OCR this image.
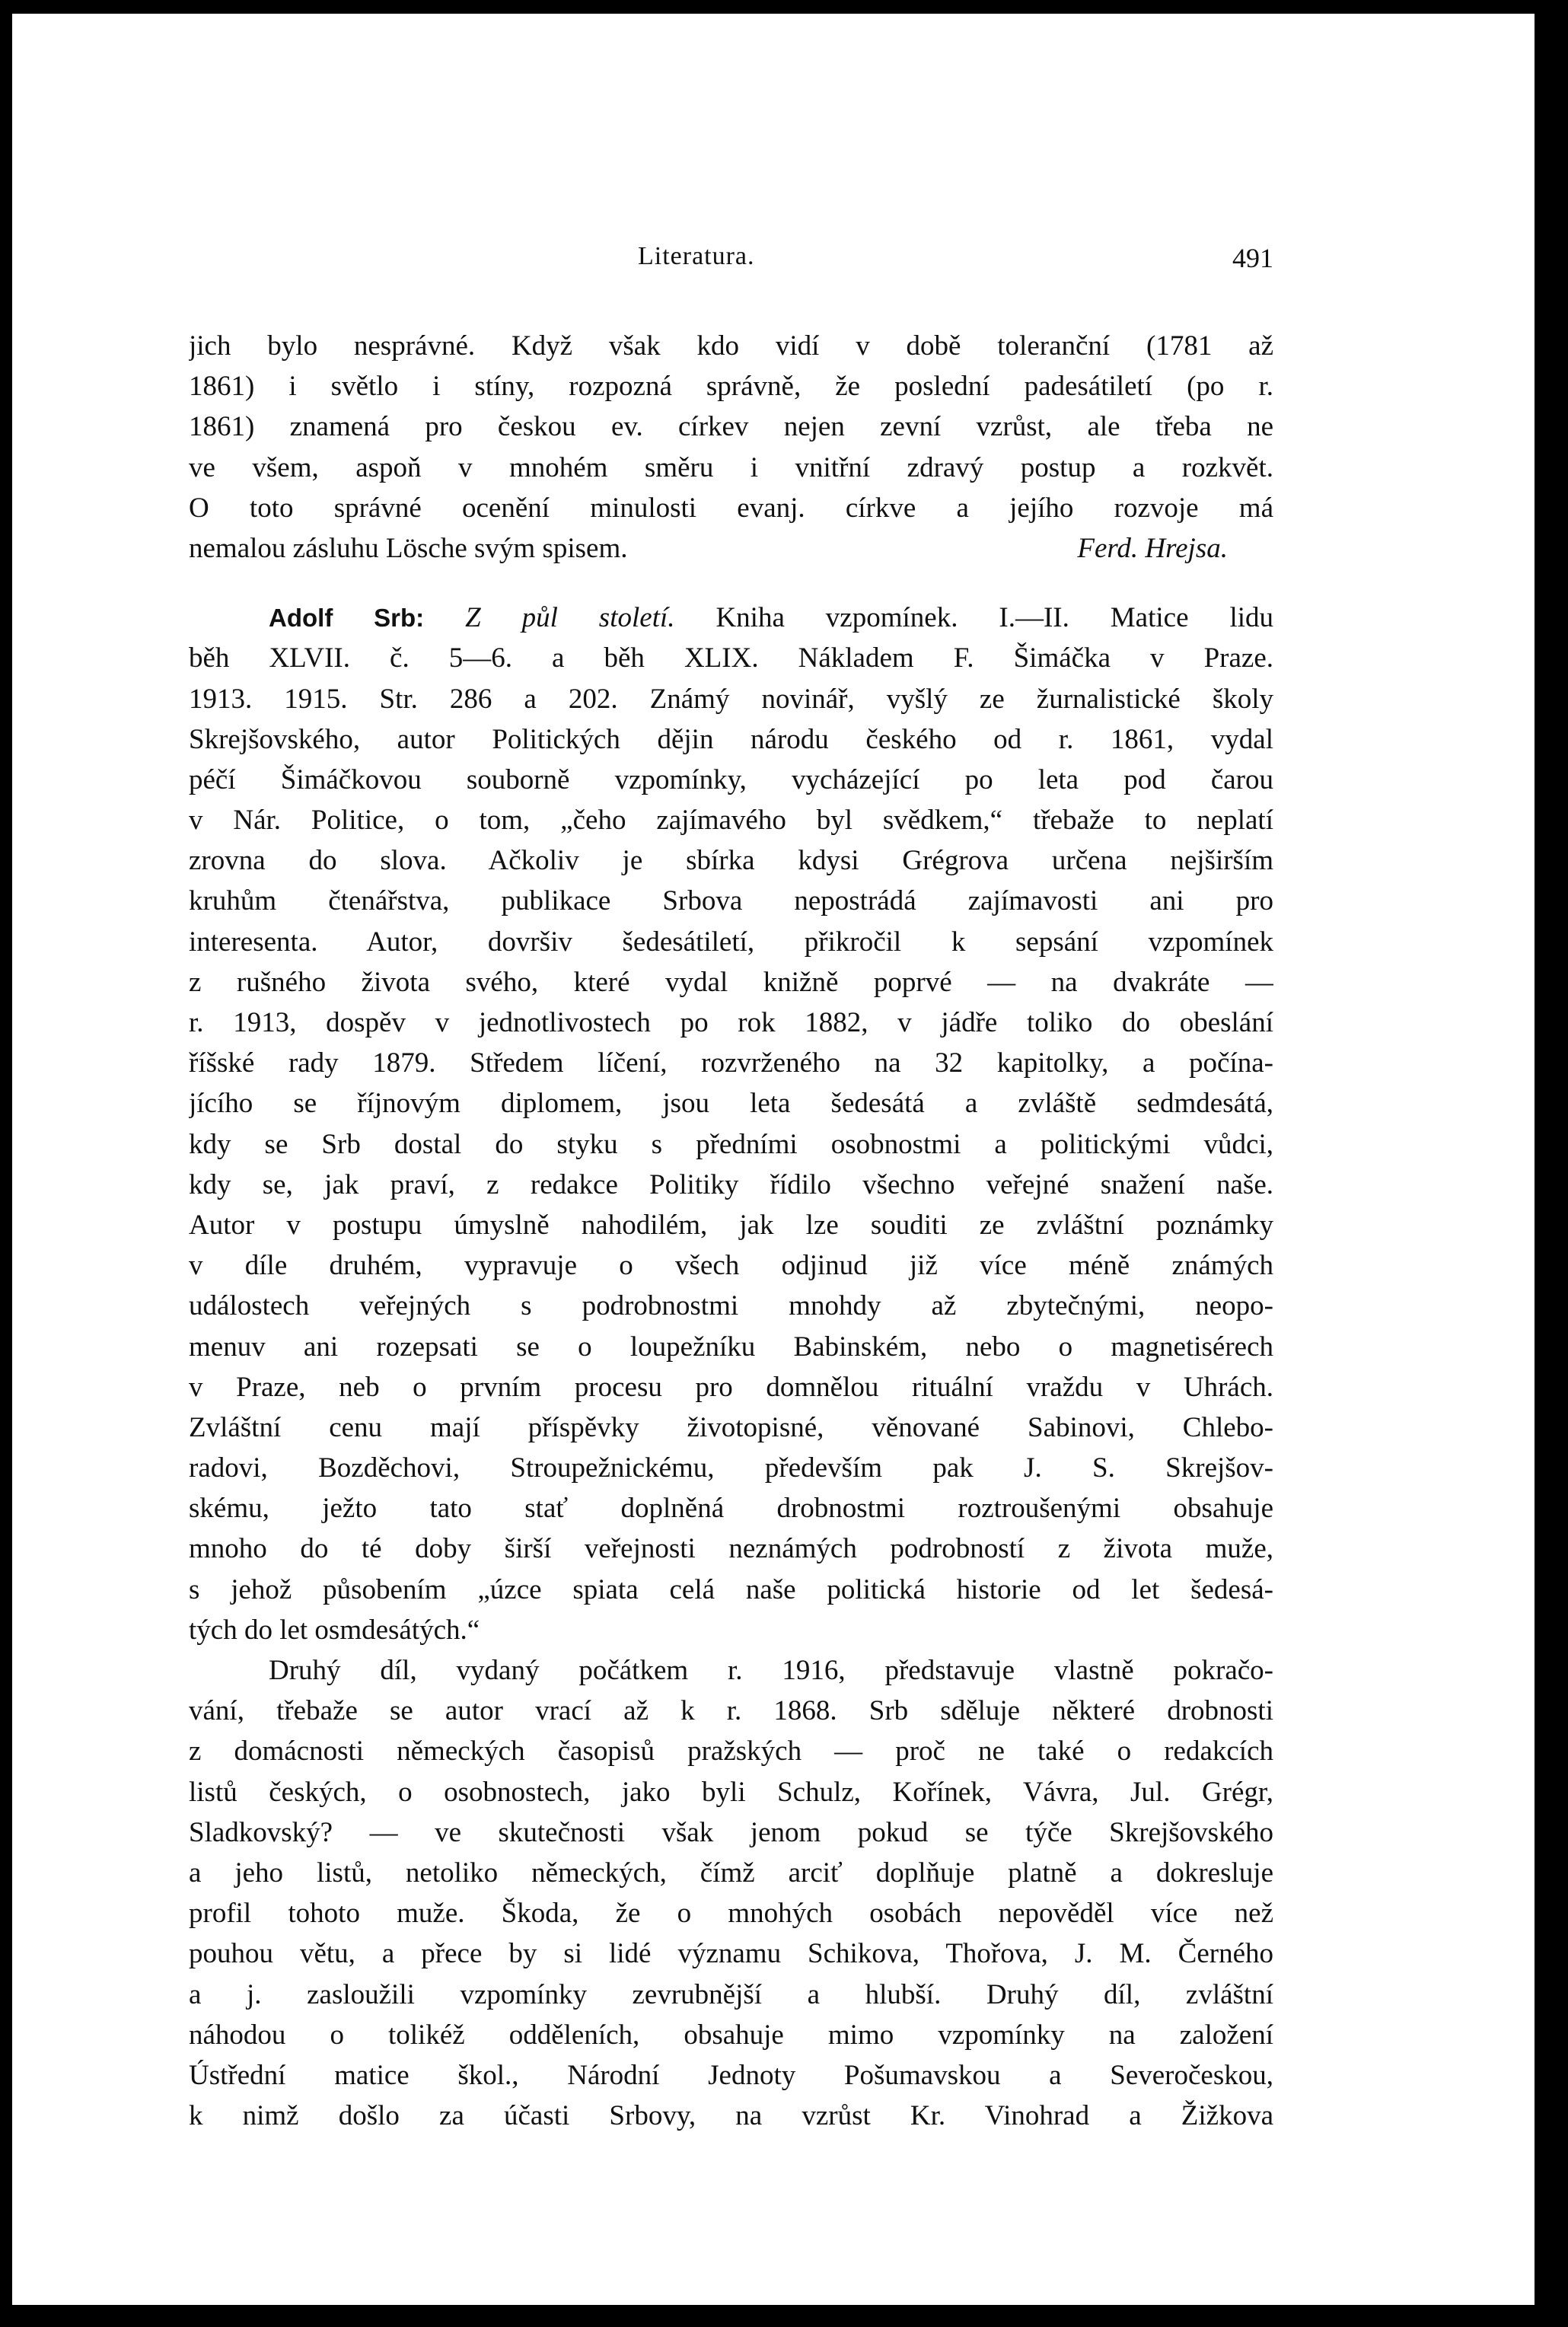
Literatura.	491
jich bylo nesprávné. Když však kdo vidí v době toleranční (1781 až
1861) i světlo i stíny, rozpozná správně, že poslední padesátiletí (po r.
1861) znamená pro českou ev. církev nejen zevní vzrůst, ale třeba ne
ve všem, aspoň v mnohém směru i vnitřní zdravý postup a rozkvět.
O toto správné ocenění minulosti evanj. církve a jejího rozvoje má
nemalou zásluhu Lösche svým spisem.	Ferd. Hrejsa.
Adolf Srb: Z půl století. Kniha vzpomínek. I.—II. Matice lidu
běh XLVII. č. 5—6. a běh XLIX. Nákladem F. Šimáčka v Praze.
1913. 1915. Str. 286 a 202. Známý novinář, vyšlý ze žurnalistické školy
Skrejšovského, autor Politických dějin národu českého od r. 1861, vydal
péčí Šimáčkovou souborně vzpomínky, vycházející po leta pod čarou
v Nár. Politice, o tom, „čeho zajímavého byl svědkem,“ třebaže to neplatí
zrovna do slova. Ačkoliv je sbírka kdysi Grégrova určena nejširším
kruhům čtenářstva, publikace Srbova nepostrádá zajímavosti ani pro
interesenta. Autor, dovršiv šedesátiletí, přikročil k sepsání vzpomínek
z rušného života svého, které vydal knižně poprvé — na dvakráte —
r. 1913, dospěv v jednotlivostech po rok 1882, v jádře toliko do obeslání
říšské rady 1879. Středem líčení, rozvrženého na 32 kapitolky, a počína-
jícího se říjnovým diplomem, jsou leta šedesátá a zvláště sedmdesátá,
kdy se Srb dostal do styku s předními osobnostmi a politickými vůdci,
kdy se, jak praví, z redakce Politiky řídilo všechno veřejné snažení naše.
Autor v postupu úmyslně nahodilém, jak lze souditi ze zvláštní poznámky
v díle druhém, vypravuje o všech odjinud již více méně známých
událostech veřejných s podrobnostmi mnohdy až zbytečnými, neopo-
menuv ani rozepsati se o loupežníku Babinském, nebo o magnetisérech
v Praze, neb o prvním procesu pro domnělou rituální vraždu v Uhrách.
Zvláštní cenu mají příspěvky životopisné, věnované Sabinovi, Chlebo-
radovi, Bozděchovi, Stroupežnickému, především pak J. S. Skrejšov-
skému, ježto tato stať doplněná drobnostmi roztroušenými obsahuje
mnoho do té doby širší veřejnosti neznámých podrobností z života muže,
s jehož působením „úzce spiata celá naše politická historie od let šedesá-
tých do let osmdesátých.“
Druhý díl, vydaný počátkem r. 1916, představuje vlastně pokračo-
vání, třebaže se autor vrací až k r. 1868. Srb sděluje některé drobnosti
z domácnosti německých časopisů pražských — proč ne také o redakcích
listů českých, o osobnostech, jako byli Schulz, Kořínek, Vávra, Jul. Grégr,
Sladkovský? — ve skutečnosti však jenom pokud se týče Skrejšovského
a jeho listů, netoliko německých, čímž arciť doplňuje platně a dokresluje
profil tohoto muže. Škoda, že o mnohých osobách nepověděl více než
pouhou větu, a přece by si lidé významu Schikova, Thořova, J. M. Černého
a j. zasloužili vzpomínky zevrubnější a hlubší. Druhý díl, zvláštní
náhodou o tolikéž odděleních, obsahuje mimo vzpomínky na založení
Ústřední matice škol., Národní Jednoty Pošumavskou a Severočeskou,
k nimž došlo za účasti Srbovy, na vzrůst Kr. Vinohrad a Žižkova
